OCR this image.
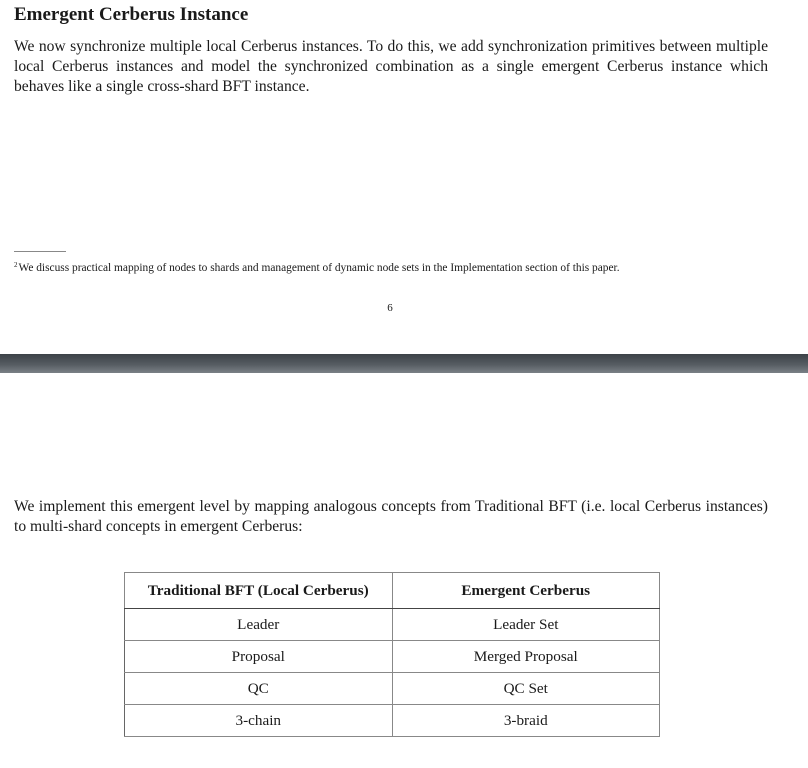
Emergent Cerberus Instance

We now synchronize multiple local Cerberus instances. To do this, we add synchronization primitives between multiple local Cerberus instances and model the synchronized combination as a single emergent Cerberus instance which behaves like a single cross-shard BFT instance.

$^2$We discuss practical mapping of nodes to shards and management of dynamic node sets in the Implementation section of this paper.

6

We implement this emergent level by mapping analogous concepts from Traditional BFT (i.e. local Cerberus instances) to multi-shard concepts in emergent Cerberus:

Traditional BFT (Local Cerberus)	Emergent Cerberus
Leader	Leader Set
Proposal	Merged Proposal
QC	QC Set
3-chain	3-braid
